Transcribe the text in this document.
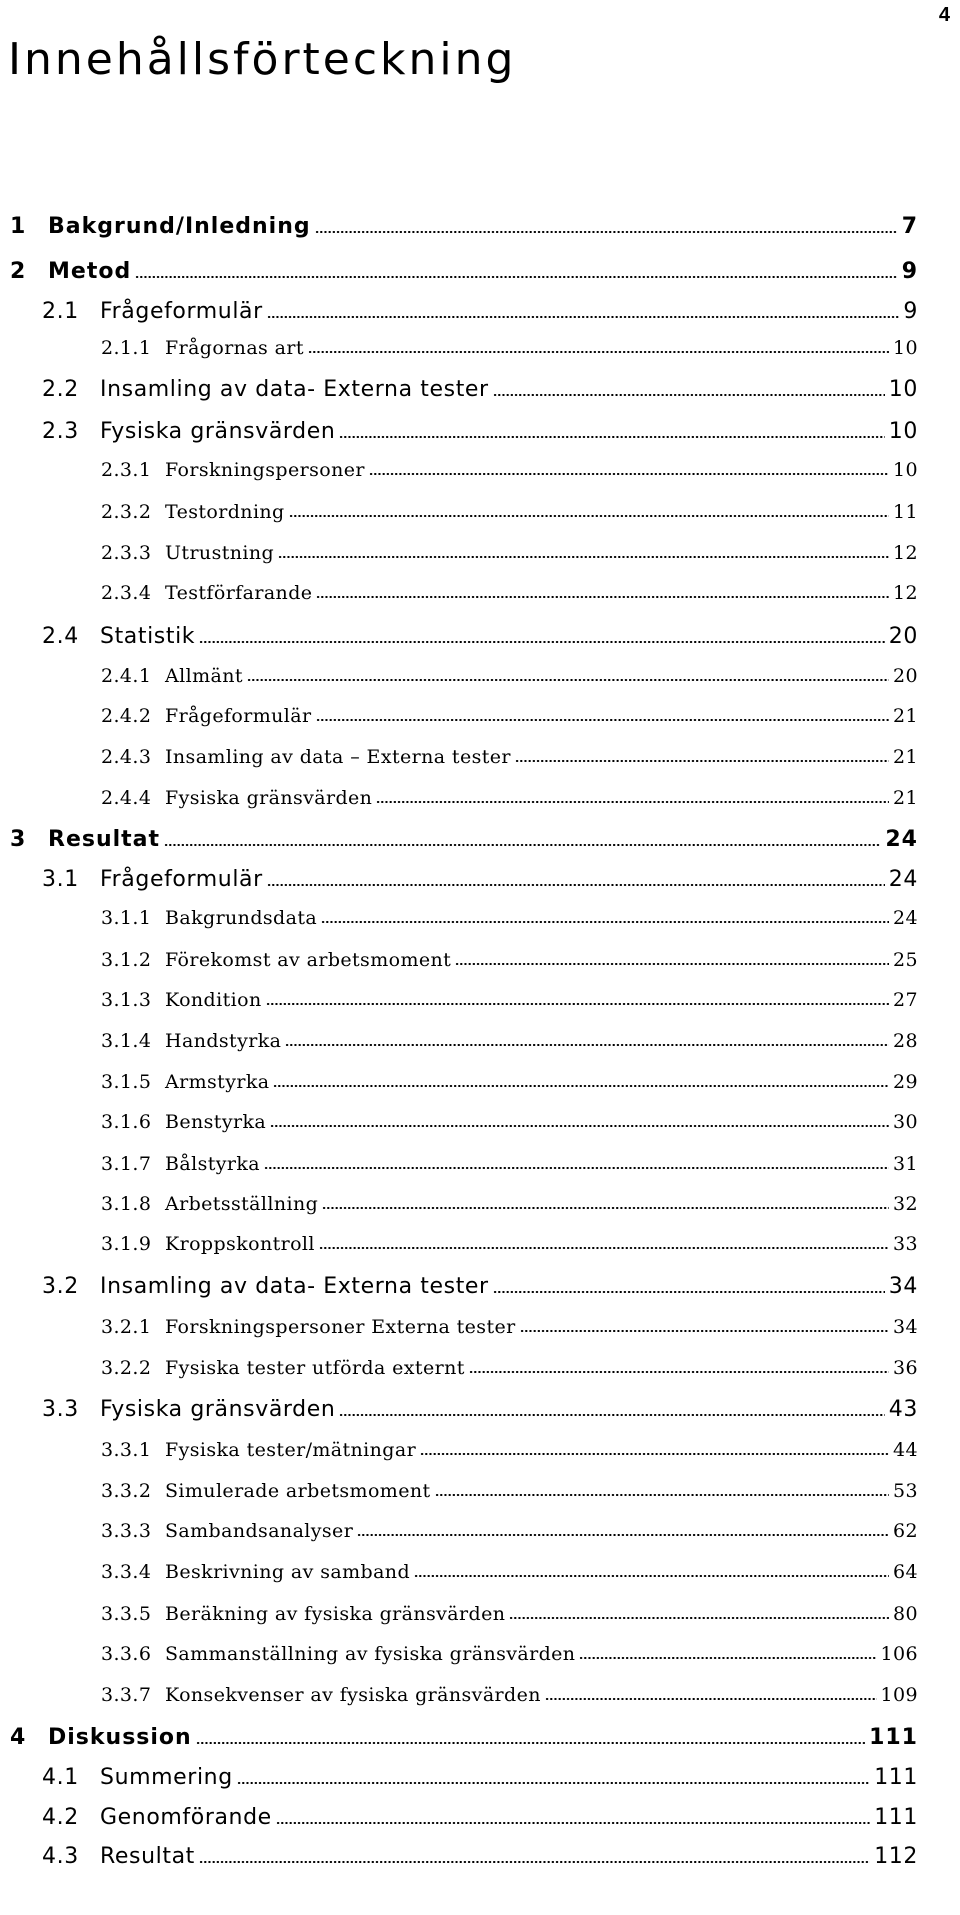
4
Innehållsförteckning
1 Bakgrund/Inledning	7
2 Metod	9
2.1 Frågeformulär	9
2.1.1 Frågornas art	10
2.2 Insamling av data- Externa tester	10
2.3 Fysiska gränsvärden	10
2.3.1 Forskningspersoner	10
2.3.2 Testordning	11
2.3.3 Utrustning	12
2.3.4 Testförfarande	12
2.4 Statistik	20
2.4.1 Allmänt	20
2.4.2 Frågeformulär	21
2.4.3 Insamling av data – Externa tester	21
2.4.4 Fysiska gränsvärden	21
3 Resultat	24
3.1 Frågeformulär	24
3.1.1 Bakgrundsdata	24
3.1.2 Förekomst av arbetsmoment	25
3.1.3 Kondition	27
3.1.4 Handstyrka	28
3.1.5 Armstyrka	29
3.1.6 Benstyrka	30
3.1.7 Bålstyrka	31
3.1.8 Arbetsställning	32
3.1.9 Kroppskontroll	33
3.2 Insamling av data- Externa tester	34
3.2.1 Forskningspersoner Externa tester	34
3.2.2 Fysiska tester utförda externt	36
3.3 Fysiska gränsvärden	43
3.3.1 Fysiska tester/mätningar	44
3.3.2 Simulerade arbetsmoment	53
3.3.3 Sambandsanalyser	62
3.3.4 Beskrivning av samband	64
3.3.5 Beräkning av fysiska gränsvärden	80
3.3.6 Sammanställning av fysiska gränsvärden	106
3.3.7 Konsekvenser av fysiska gränsvärden	109
4 Diskussion	111
4.1 Summering	111
4.2 Genomförande	111
4.3 Resultat	112
